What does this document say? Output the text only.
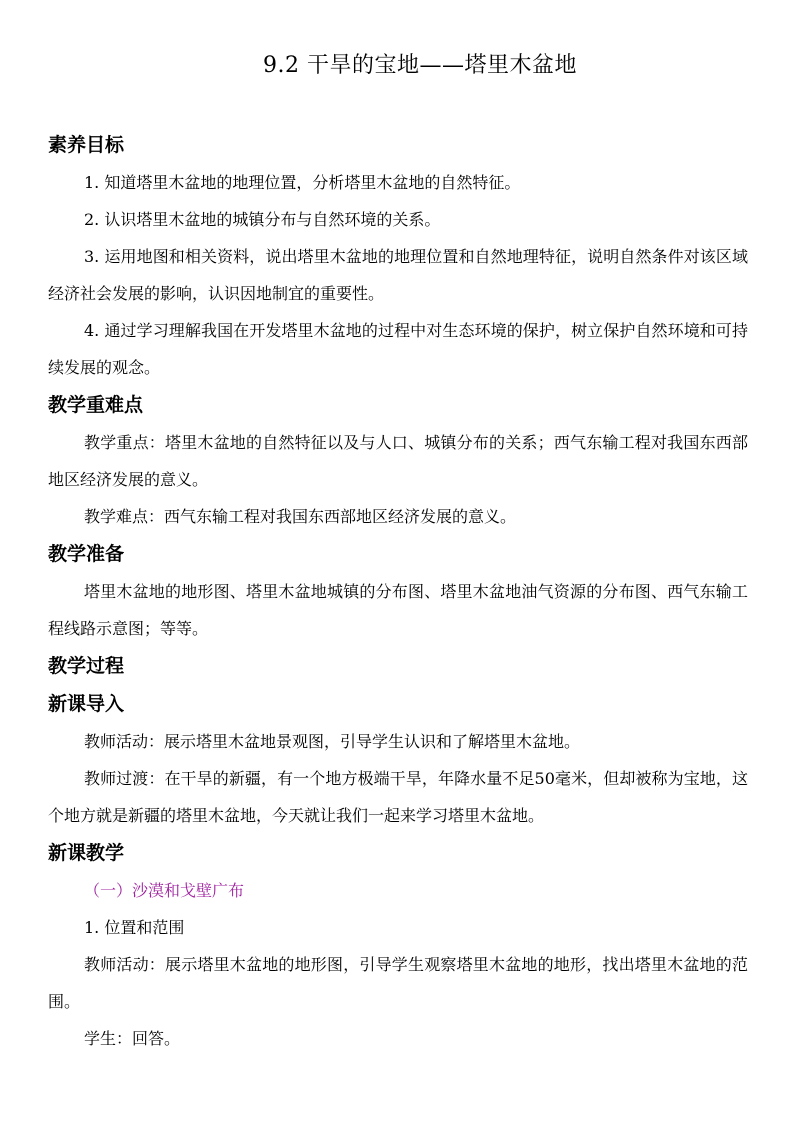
9.2 干旱的宝地——塔里木盆地
素养目标

1. 知道塔里木盆地的地理位置，分析塔里木盆地的自然特征。

2. 认识塔里木盆地的城镇分布与自然环境的关系。

3. 运用地图和相关资料，说出塔里木盆地的地理位置和自然地理特征，说明自然条件对该区域经济社会发展的影响，认识因地制宜的重要性。

4. 通过学习理解我国在开发塔里木盆地的过程中对生态环境的保护，树立保护自然环境和可持续发展的观念。

教学重难点

教学重点：塔里木盆地的自然特征以及与人口、城镇分布的关系；西气东输工程对我国东西部地区经济发展的意义。

教学难点：西气东输工程对我国东西部地区经济发展的意义。

教学准备

塔里木盆地的地形图、塔里木盆地城镇的分布图、塔里木盆地油气资源的分布图、西气东输工程线路示意图；等等。

教学过程
新课导入

教师活动：展示塔里木盆地景观图，引导学生认识和了解塔里木盆地。

教师过渡：在干旱的新疆，有一个地方极端干旱，年降水量不足50毫米，但却被称为宝地，这个地方就是新疆的塔里木盆地，今天就让我们一起来学习塔里木盆地。

新课教学

（一）沙漠和戈壁广布

1. 位置和范围

教师活动：展示塔里木盆地的地形图，引导学生观察塔里木盆地的地形，找出塔里木盆地的范围。

学生：回答。
